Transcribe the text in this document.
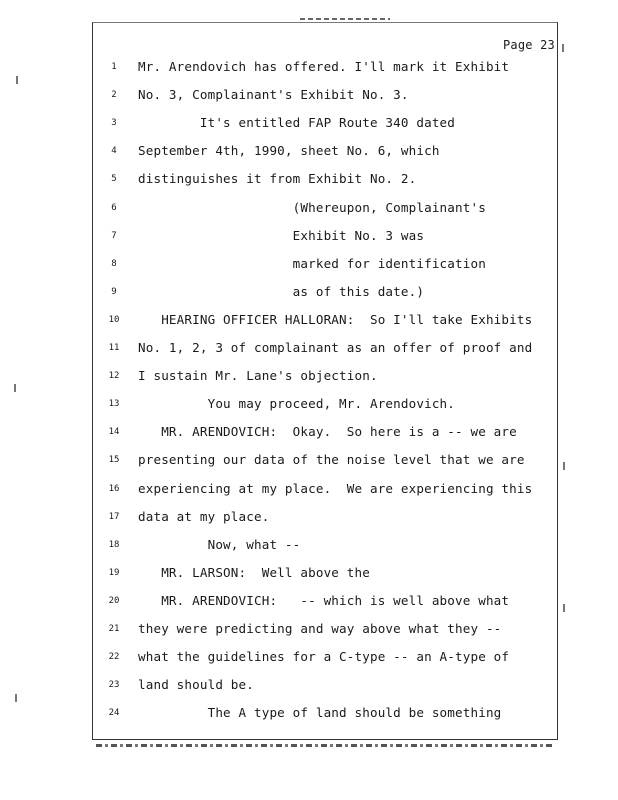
Page 23
1	Mr. Arendovich has offered. I'll mark it Exhibit
2	No. 3, Complainant's Exhibit No. 3.
3	It's entitled FAP Route 340 dated
4	September 4th, 1990, sheet No. 6, which
5	distinguishes it from Exhibit No. 2.
6	(Whereupon, Complainant's
7	Exhibit No. 3 was
8	marked for identification
9	as of this date.)
10	HEARING OFFICER HALLORAN:  So I'll take Exhibits
11	No. 1, 2, 3 of complainant as an offer of proof and
12	I sustain Mr. Lane's objection.
13	You may proceed, Mr. Arendovich.
14	MR. ARENDOVICH:  Okay.  So here is a -- we are
15	presenting our data of the noise level that we are
16	experiencing at my place.  We are experiencing this
17	data at my place.
18	Now, what --
19	MR. LARSON:  Well above the
20	MR. ARENDOVICH:   -- which is well above what
21	they were predicting and way above what they --
22	what the guidelines for a C-type -- an A-type of
23	land should be.
24	The A type of land should be something
